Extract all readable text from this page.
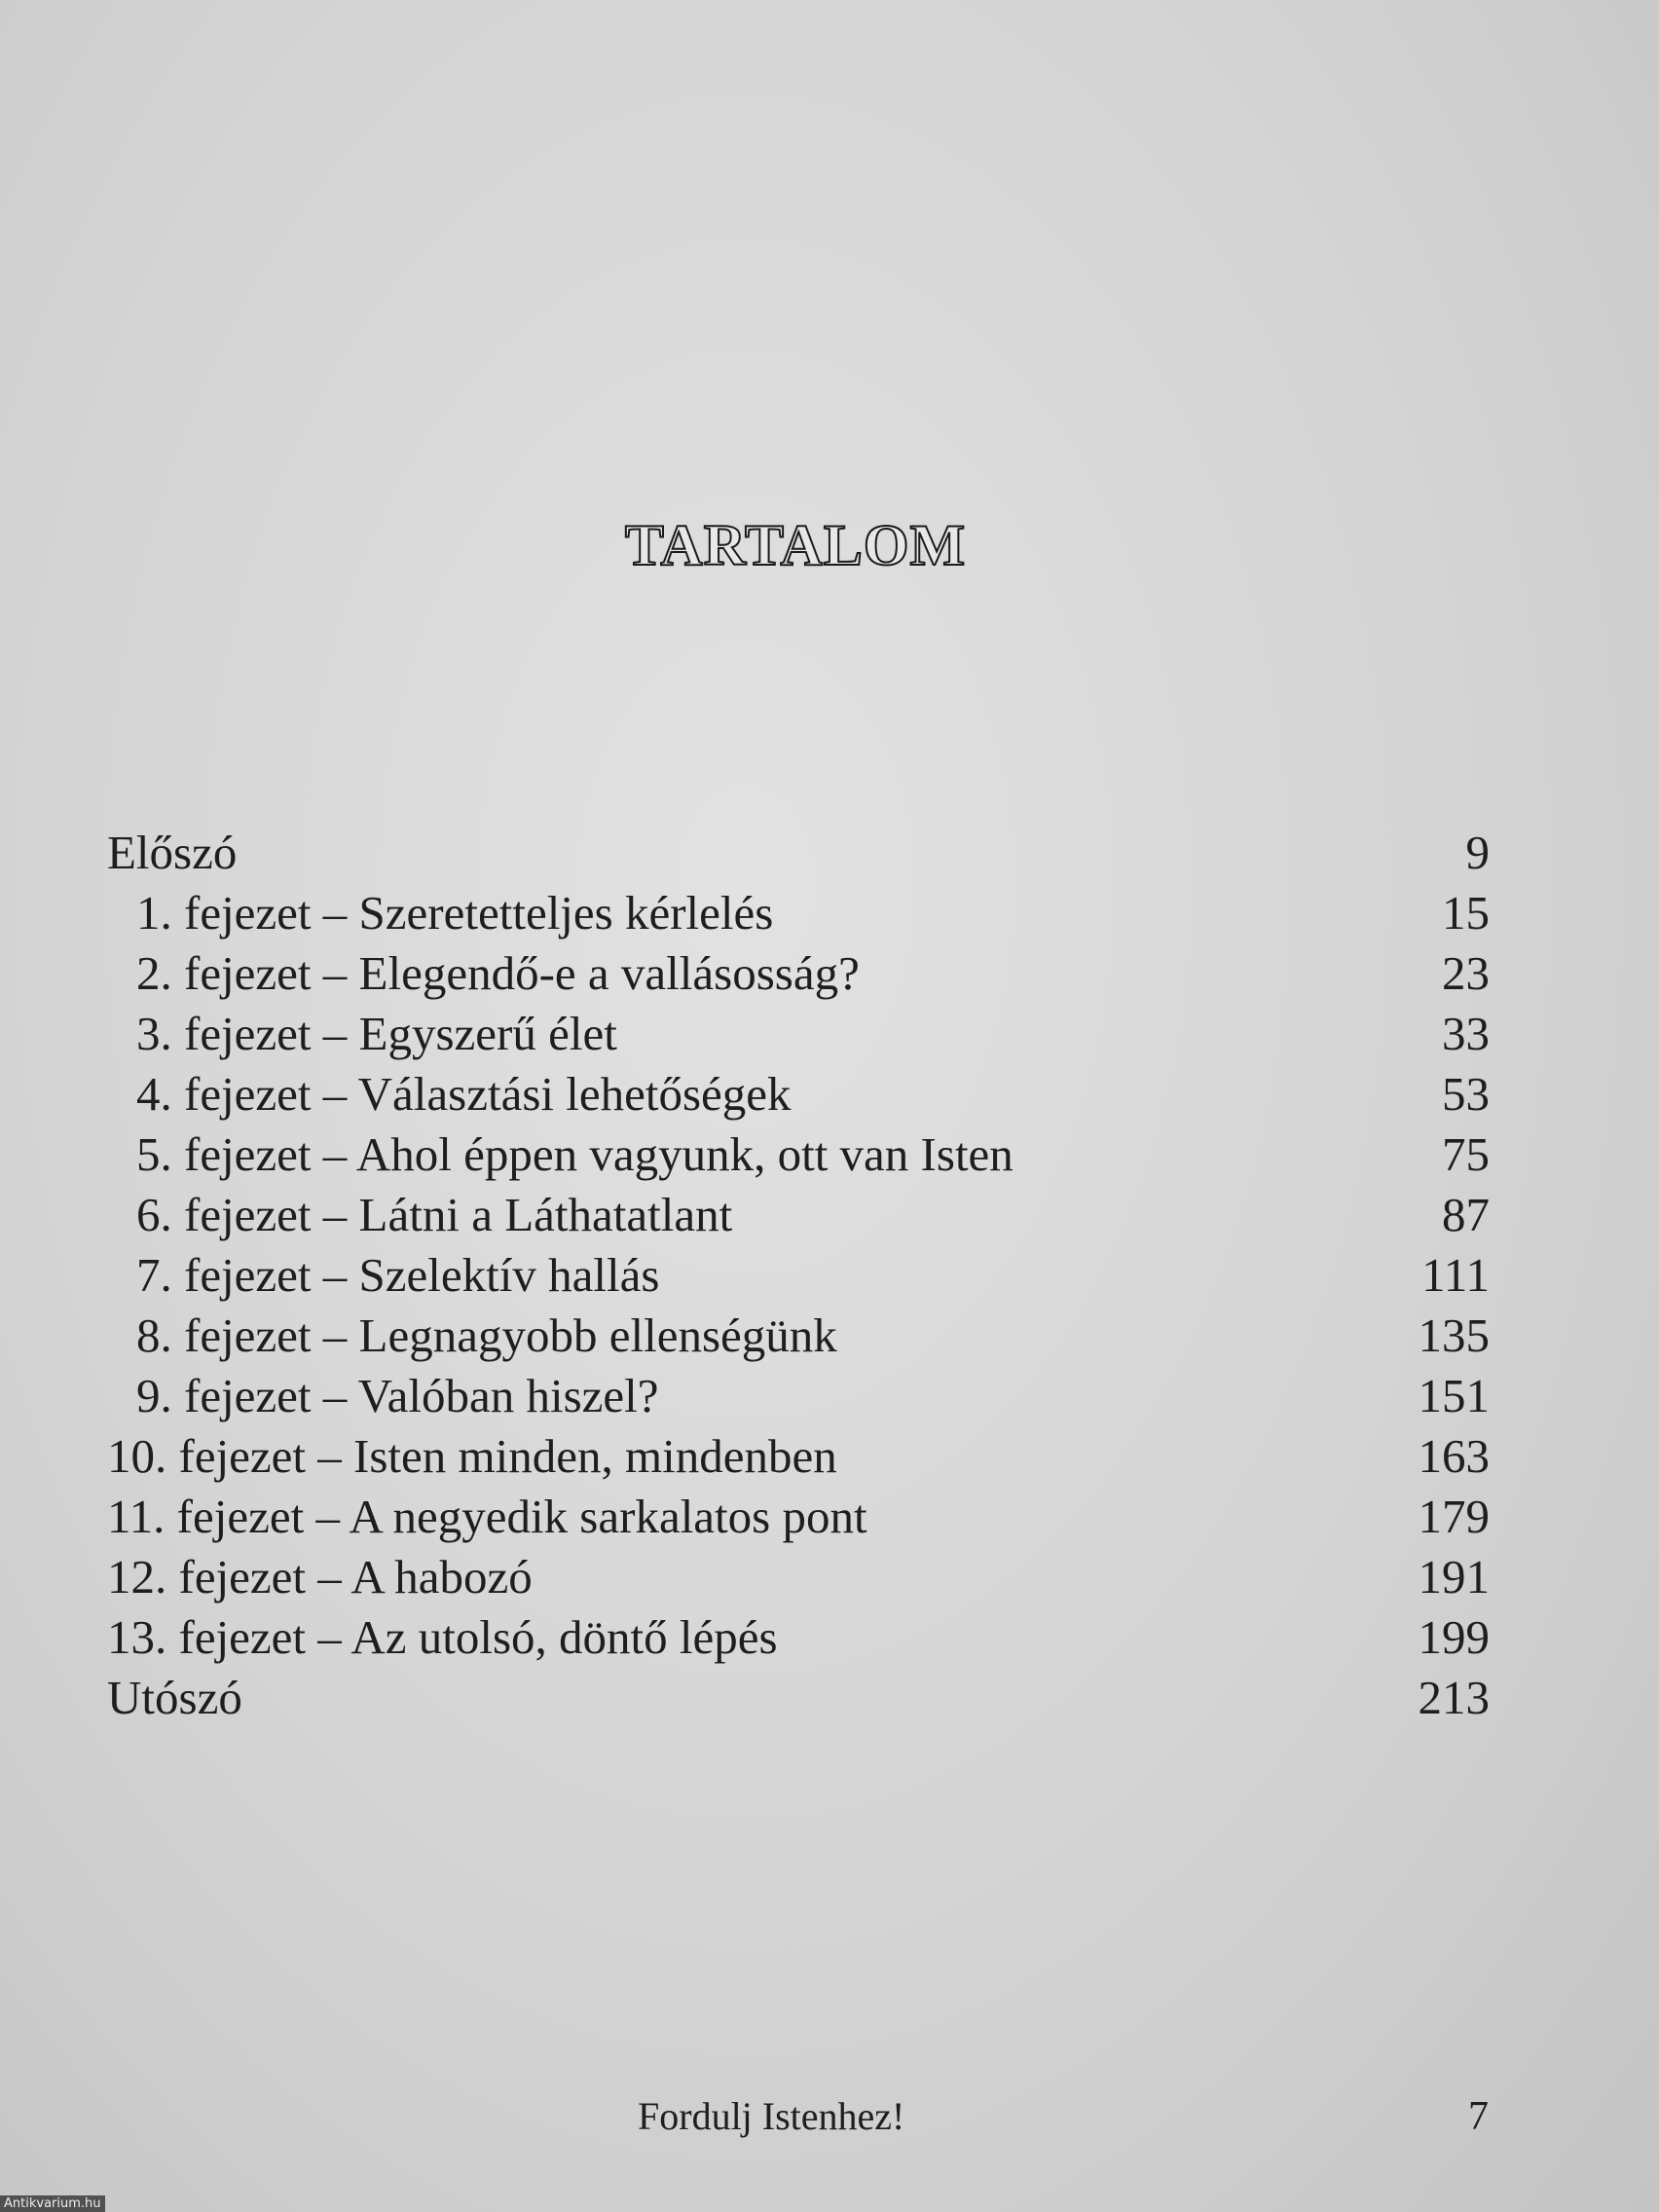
TARTALOM
Előszó	9
1. fejezet – Szeretetteljes kérlelés	15
2. fejezet – Elegendő-e a vallásosság?	23
3. fejezet – Egyszerű élet	33
4. fejezet – Választási lehetőségek	53
5. fejezet – Ahol éppen vagyunk, ott van Isten	75
6. fejezet – Látni a Láthatatlant	87
7. fejezet – Szelektív hallás	111
8. fejezet – Legnagyobb ellenségünk	135
9. fejezet – Valóban hiszel?	151
10. fejezet – Isten minden, mindenben	163
11. fejezet – A negyedik sarkalatos pont	179
12. fejezet – A habozó	191
13. fejezet – Az utolsó, döntő lépés	199
Utószó	213
Fordulj Istenhez!	7
Antikvarium.hu
